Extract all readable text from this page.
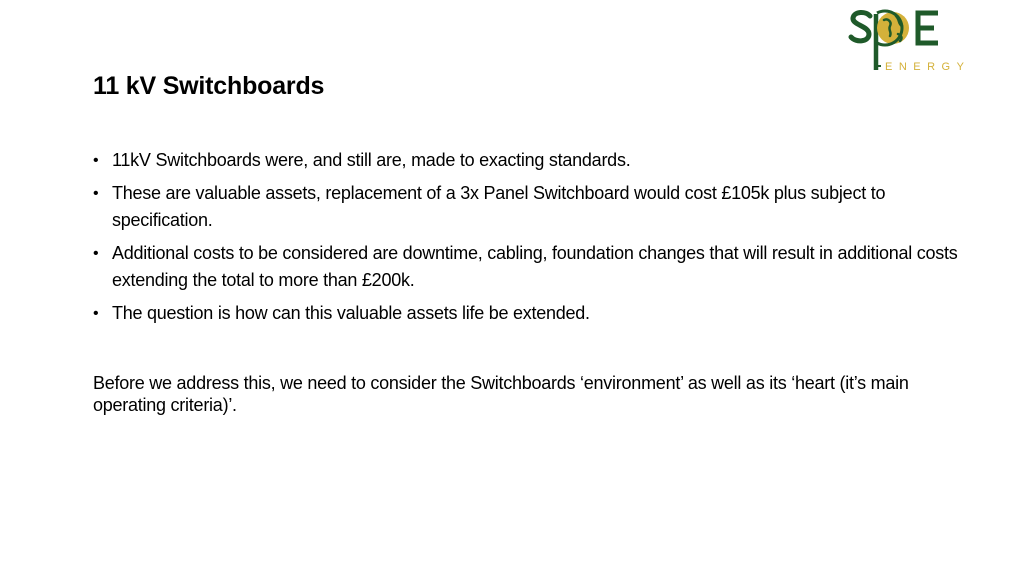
ENERGY
11 kV Switchboards
• 11kV Switchboards were, and still are, made to exacting standards.
• These are valuable assets, replacement of a 3x Panel Switchboard would cost £105k plus subject to specification.
• Additional costs to be considered are downtime, cabling, foundation changes that will result in additional costs extending the total to more than £200k.
• The question is how can this valuable assets life be extended.

Before we address this, we need to consider the Switchboards ‘environment’ as well as its ‘heart (it’s main operating criteria)’.
